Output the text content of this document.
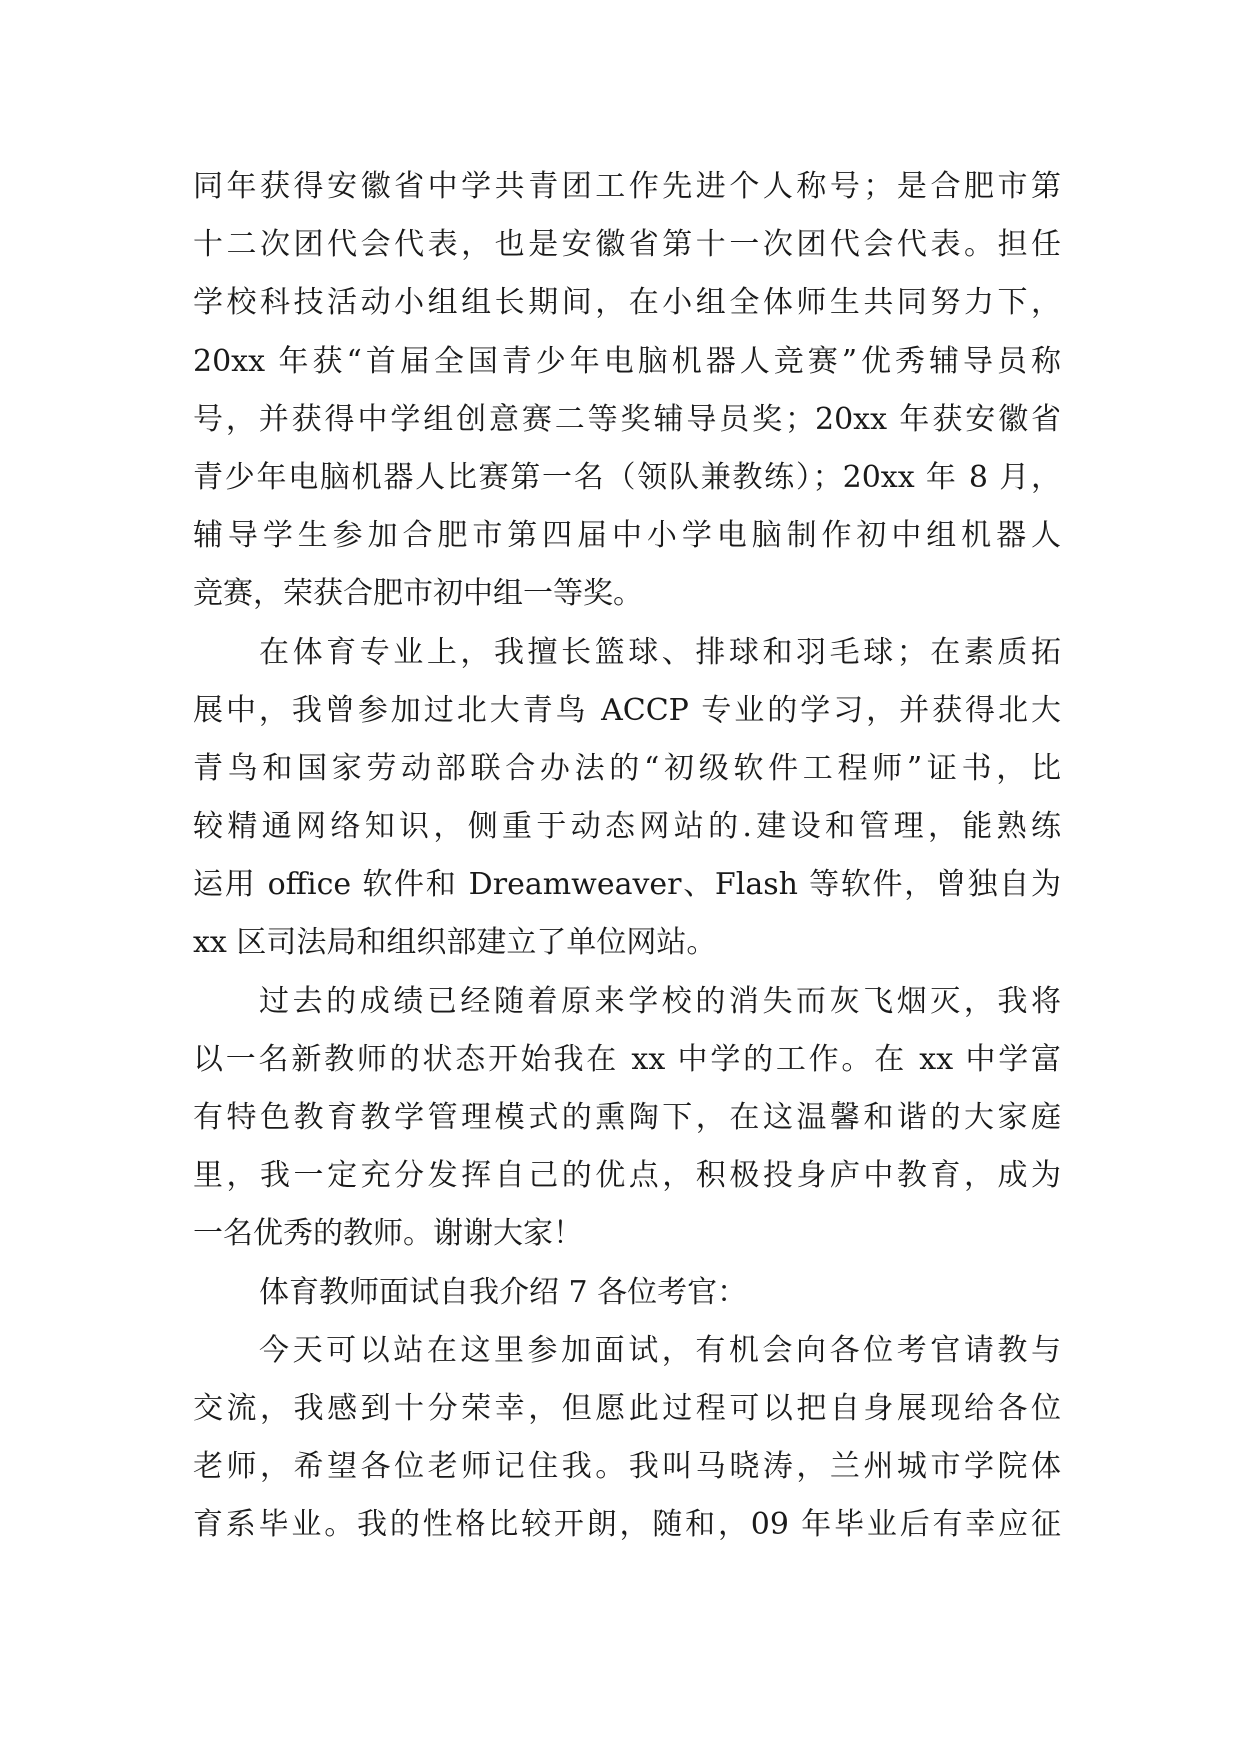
同年获得安徽省中学共青团工作先进个人称号；是合肥市第
十二次团代会代表，也是安徽省第十一次团代会代表。担任
学校科技活动小组组长期间，在小组全体师生共同努力下，
20xx 年获“首届全国青少年电脑机器人竞赛”优秀辅导员称
号，并获得中学组创意赛二等奖辅导员奖；20xx 年获安徽省
青少年电脑机器人比赛第一名（领队兼教练）；20xx 年 8 月，
辅导学生参加合肥市第四届中小学电脑制作初中组机器人
竞赛，荣获合肥市初中组一等奖。
在体育专业上，我擅长篮球、排球和羽毛球；在素质拓
展中，我曾参加过北大青鸟 ACCP 专业的学习，并获得北大
青鸟和国家劳动部联合办法的“初级软件工程师”证书，比
较精通网络知识，侧重于动态网站的.建设和管理，能熟练
运用 office 软件和 Dreamweaver、Flash 等软件，曾独自为
xx 区司法局和组织部建立了单位网站。
过去的成绩已经随着原来学校的消失而灰飞烟灭，我将
以一名新教师的状态开始我在 xx 中学的工作。在 xx 中学富
有特色教育教学管理模式的熏陶下，在这温馨和谐的大家庭
里，我一定充分发挥自己的优点，积极投身庐中教育，成为
一名优秀的教师。谢谢大家！
体育教师面试自我介绍 7 各位考官：
今天可以站在这里参加面试，有机会向各位考官请教与
交流，我感到十分荣幸，但愿此过程可以把自身展现给各位
老师，希望各位老师记住我。我叫马晓涛，兰州城市学院体
育系毕业。我的性格比较开朗，随和，09 年毕业后有幸应征
